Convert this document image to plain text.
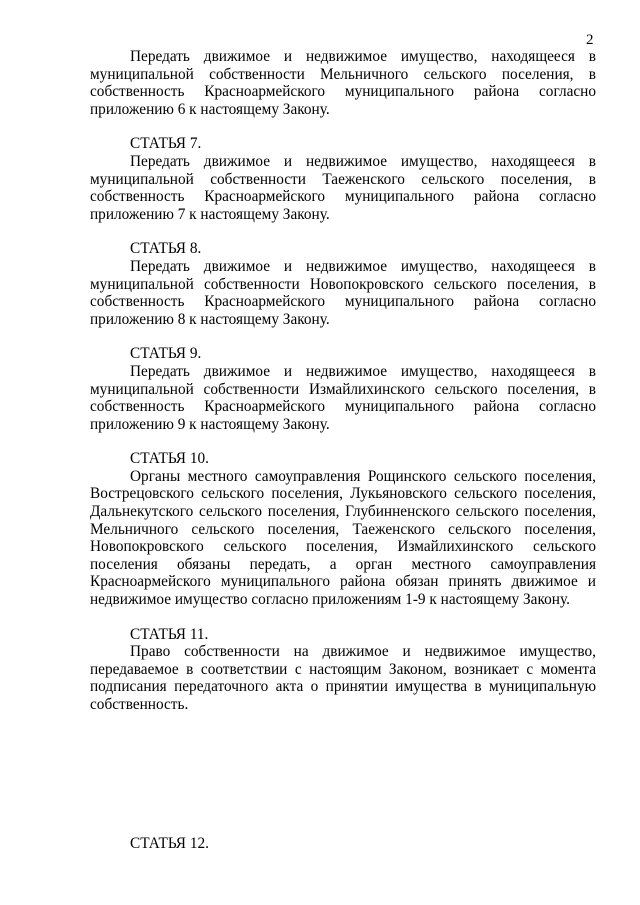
2

Передать движимое и недвижимое имущество, находящееся в муниципальной собственности Мельничного сельского поселения, в собственность Красноармейского муниципального района согласно приложению 6 к настоящему Закону.

СТАТЬЯ 7.

Передать движимое и недвижимое имущество, находящееся в муниципальной собственности Таеженского сельского поселения, в собственность Красноармейского муниципального района согласно приложению 7 к настоящему Закону.

СТАТЬЯ 8.

Передать движимое и недвижимое имущество, находящееся в муниципальной собственности Новопокровского сельского поселения, в собственность Красноармейского муниципального района согласно приложению 8 к настоящему Закону.

СТАТЬЯ 9.

Передать движимое и недвижимое имущество, находящееся в муниципальной собственности Измайлихинского сельского поселения, в собственность Красноармейского муниципального района согласно приложению 9 к настоящему Закону.

СТАТЬЯ 10.

Органы местного самоуправления Рощинского сельского поселения, Вострецовского сельского поселения, Лукьяновского сельского поселения, Дальнекутского сельского поселения, Глубинненского сельского поселения, Мельничного сельского поселения, Таеженского сельского поселения, Новопокровского сельского поселения, Измайлихинского сельского поселения обязаны передать, а орган местного самоуправления Красноармейского муниципального района обязан принять движимое и недвижимое имущество согласно приложениям 1-9 к настоящему Закону.

СТАТЬЯ 11.

Право собственности на движимое и недвижимое имущество, передаваемое в соответствии с настоящим Законом, возникает с момента подписания передаточного акта о принятии имущества в муниципальную собственность.

СТАТЬЯ 12.
